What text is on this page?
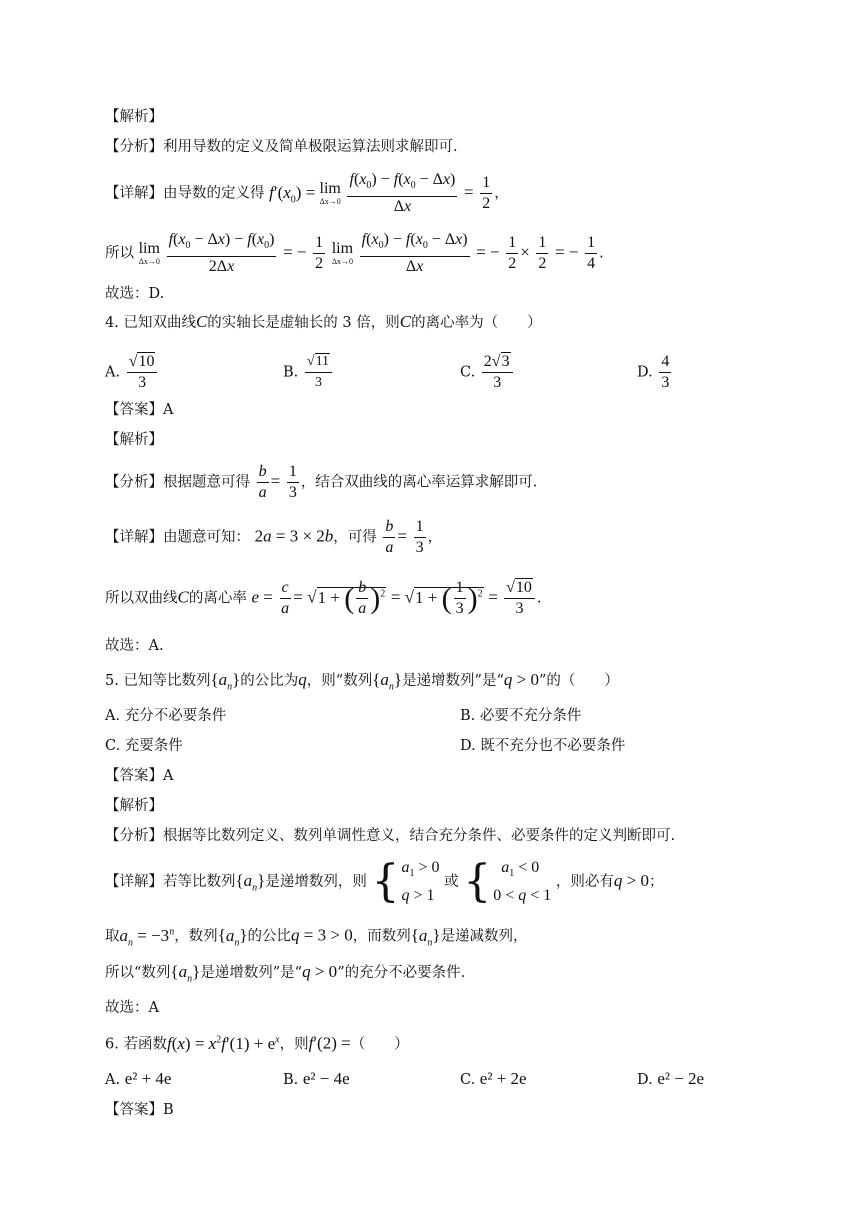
【解析】
【分析】利用导数的定义及简单极限运算法则求解即可.
【详解】由导数的定义得 $f'(x_0) = \lim$
Δx→0
$\frac{f(x_0) - f(x_0 - \Delta x)}{\Delta x} = \frac{1}{2}$ ，
所以 lim
Δx→0
$\frac{f(x_0 - \Delta x) - f(x_0)}{2\Delta x}$ = − $\frac{1}{2}$
lim
Δx→0
$\frac{f(x_0) - f(x_0 - \Delta x)}{\Delta x}$ = − $\frac{1}{2} \times \frac{1}{2}$ = − $\frac{1}{4}$ .
故选：D.
4. 已知双曲线C的实轴长是虚轴长的 3 倍，则C的离心率为（　　）
A. $\frac{√10}{3}$	B. $\frac{√11}{3}$	C. $\frac{2√3}{3}$	D. $\frac{4}{3}$
【答案】A
【解析】
【分析】根据题意可得 $\frac{b}{a} = \frac{1}{3}$ ，结合双曲线的离心率运算求解即可.
【详解】由题意可知： 2a = 3 × 2b，可得 $\frac{b}{a} = \frac{1}{3}$ ，
所以双曲线C的离心率 $e = \frac{c}{a} = √1$ + ( $\frac{b}{a} )^2 = √1$ + ( $\frac{1}{3} )^2 = \frac{√10}{3}$ .
故选：A.
5. 已知等比数列$\{a_n\}$的公比为q，则“数列$\{a_n\}$是递增数列”是“q > 0”的（　　）
A. 充分不必要条件	B. 必要不充分条件
C. 充要条件	D. 既不充分也不必要条件
【答案】A
【解析】
【分析】根据等比数列定义、数列单调性意义，结合充分条件、必要条件的定义判断即可.
【详解】若等比数列$\{a_n\}$是递增数列，则 { $a_1 > 0$
q > 1
或 { $a_1 < 0$
0 < q < 1
，则必有q > 0；
取$a_n = -3^n$，数列$\{a_n\}$的公比q = 3 > 0，而数列$\{a_n\}$是递减数列，
所以“数列$\{a_n\}$是递增数列”是“q > 0”的充分不必要条件.
故选：A
6. 若函数$f(x) = x^2f'(1) + e^x$，则f′(2) =（　　）
A. e² + 4e	B. e² − 4e	C. e² + 2e	D. e² − 2e
【答案】B
